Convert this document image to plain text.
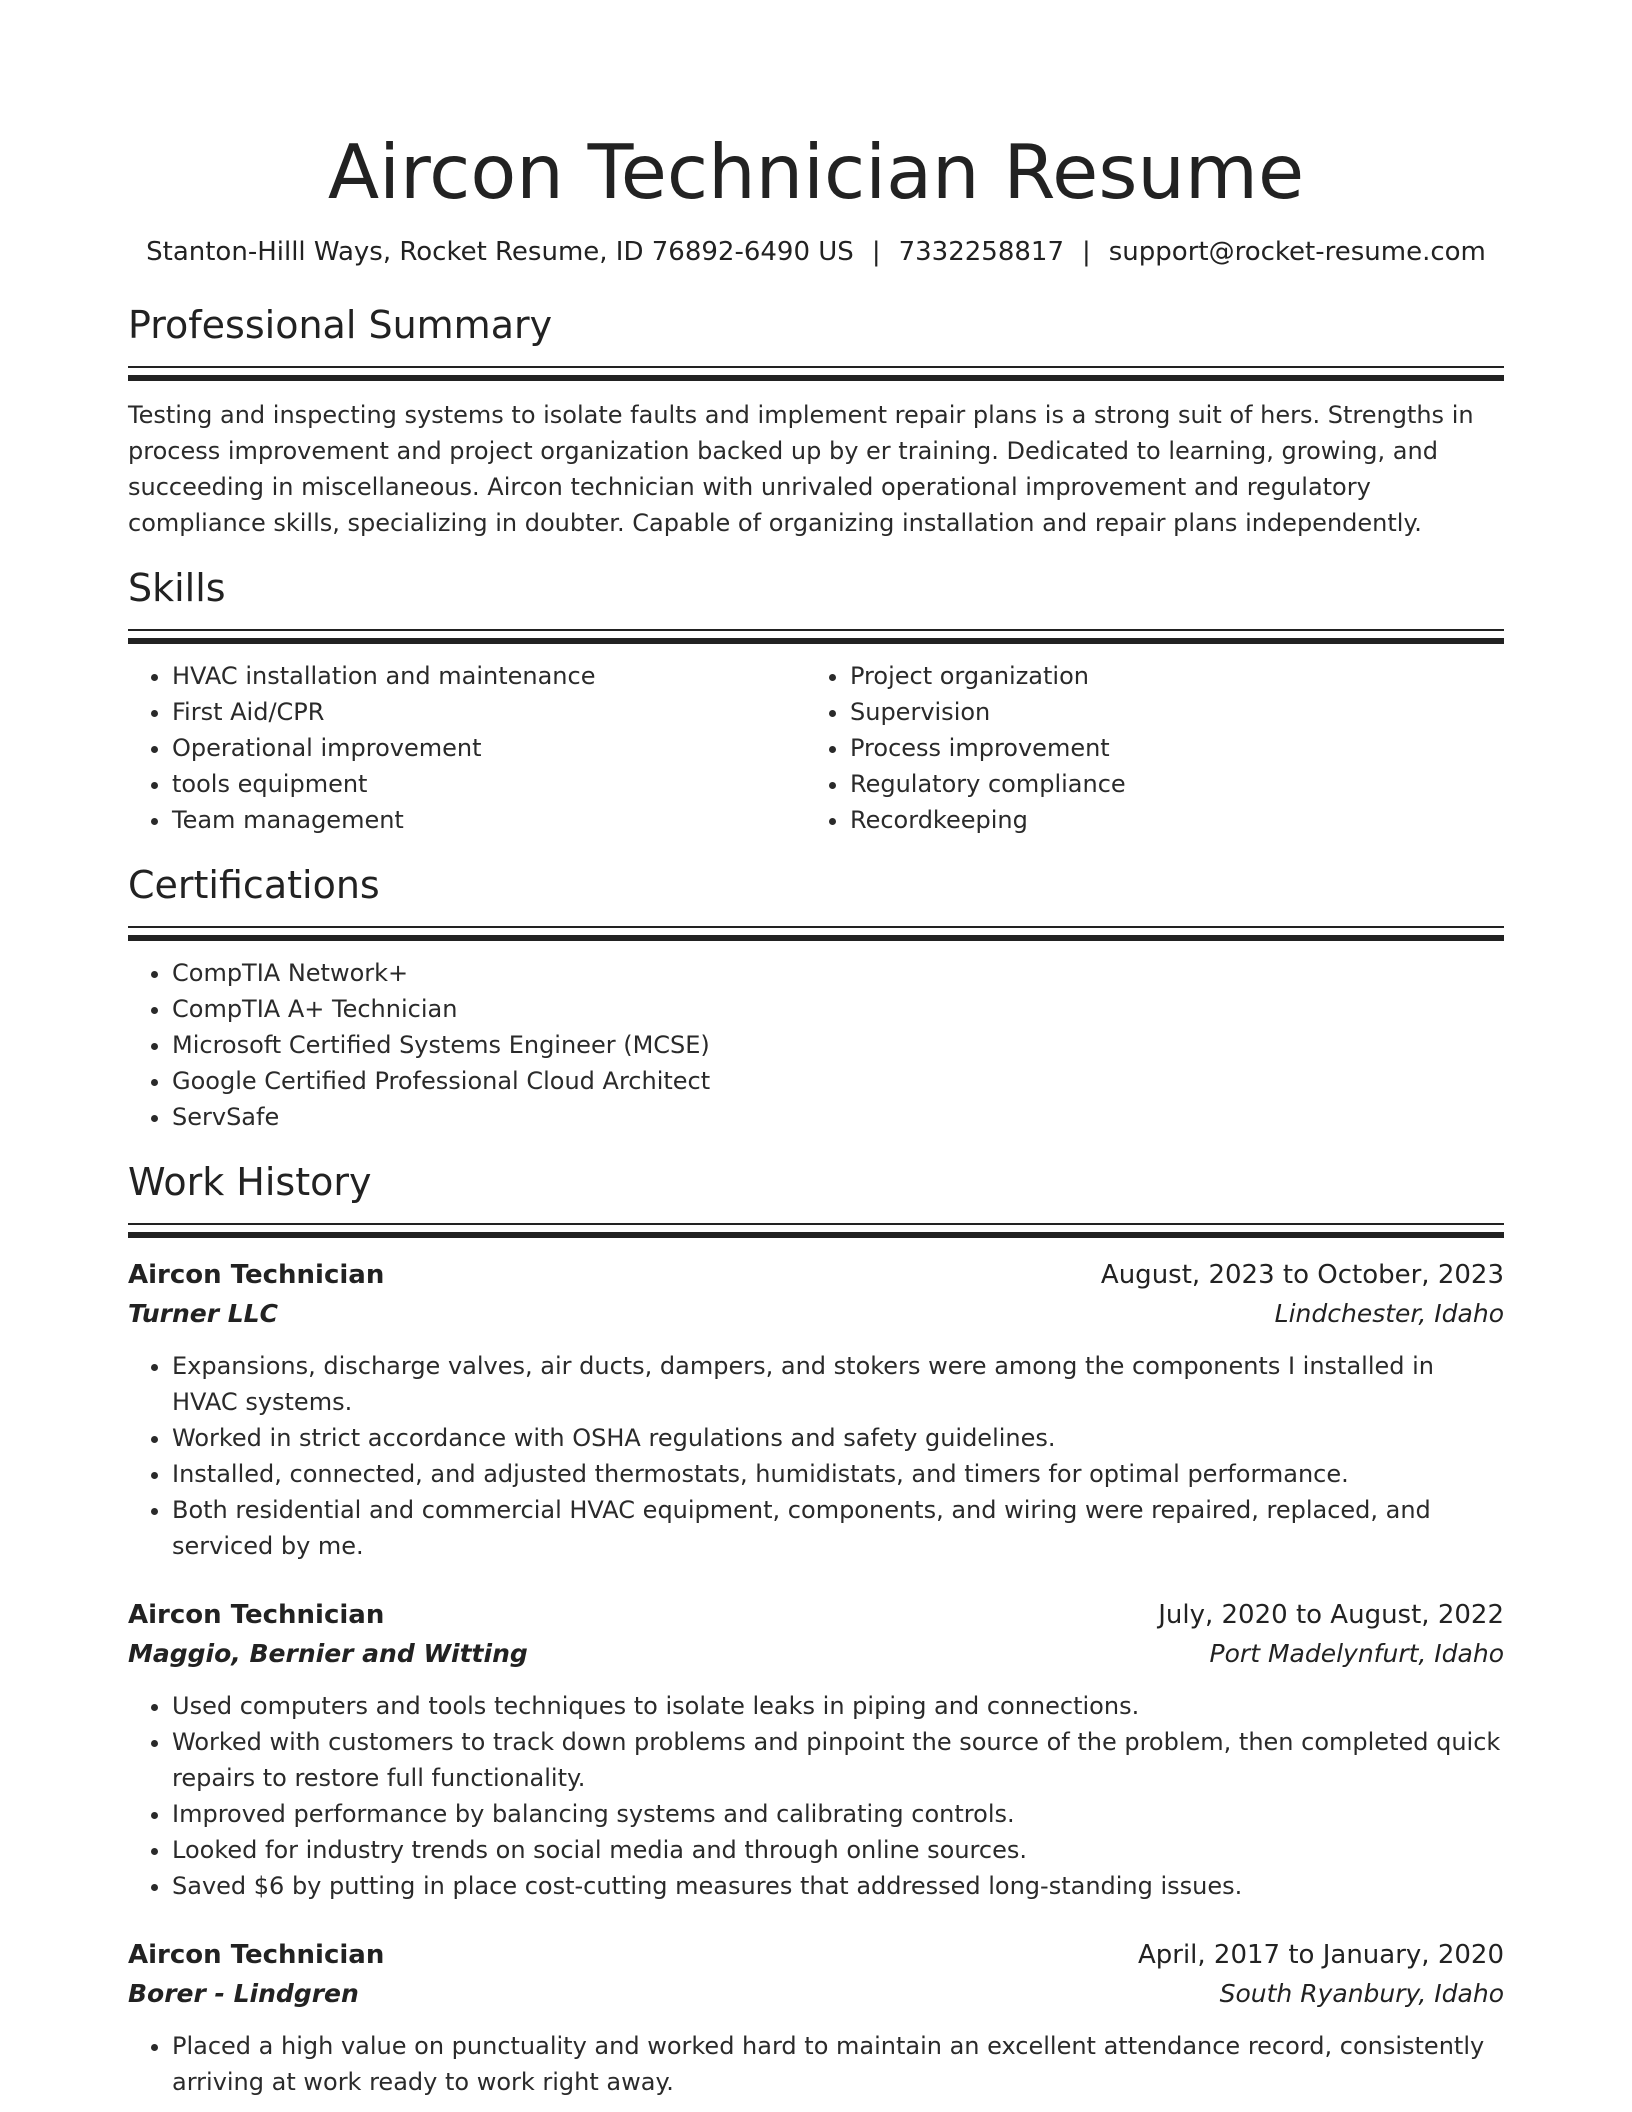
Aircon Technician Resume
Stanton-Hilll Ways, Rocket Resume, ID 76892-6490 US | 7332258817 | support@rocket-resume.com
Professional Summary
Testing and inspecting systems to isolate faults and implement repair plans is a strong suit of hers. Strengths in process improvement and project organization backed up by er training. Dedicated to learning, growing, and succeeding in miscellaneous. Aircon technician with unrivaled operational improvement and regulatory compliance skills, specializing in doubter. Capable of organizing installation and repair plans independently.
Skills
• HVAC installation and maintenance
• First Aid/CPR
• Operational improvement
• tools equipment
• Team management
• Project organization
• Supervision
• Process improvement
• Regulatory compliance
• Recordkeeping
Certifications
• CompTIA Network+
• CompTIA A+ Technician
• Microsoft Certified Systems Engineer (MCSE)
• Google Certified Professional Cloud Architect
• ServSafe
Work History
Aircon Technician	August, 2023 to October, 2023
Turner LLC	Lindchester, Idaho
• Expansions, discharge valves, air ducts, dampers, and stokers were among the components I installed in HVAC systems.
• Worked in strict accordance with OSHA regulations and safety guidelines.
• Installed, connected, and adjusted thermostats, humidistats, and timers for optimal performance.
• Both residential and commercial HVAC equipment, components, and wiring were repaired, replaced, and serviced by me.
Aircon Technician	July, 2020 to August, 2022
Maggio, Bernier and Witting	Port Madelynfurt, Idaho
• Used computers and tools techniques to isolate leaks in piping and connections.
• Worked with customers to track down problems and pinpoint the source of the problem, then completed quick repairs to restore full functionality.
• Improved performance by balancing systems and calibrating controls.
• Looked for industry trends on social media and through online sources.
• Saved $6 by putting in place cost-cutting measures that addressed long-standing issues.
Aircon Technician	April, 2017 to January, 2020
Borer - Lindgren	South Ryanbury, Idaho
• Placed a high value on punctuality and worked hard to maintain an excellent attendance record, consistently arriving at work ready to work right away.
